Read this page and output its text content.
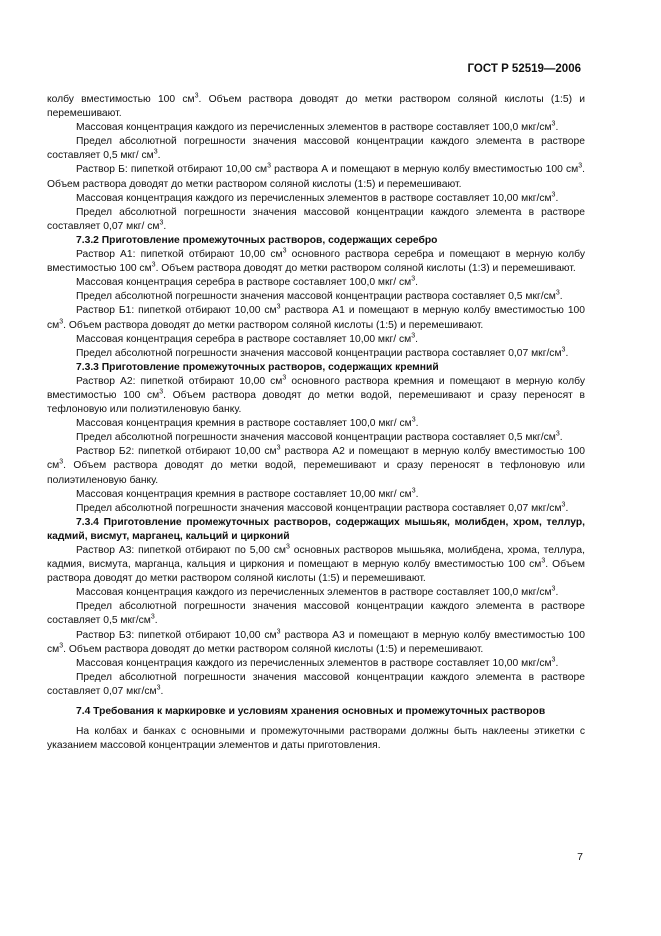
ГОСТ Р 52519—2006

колбу вместимостью 100 $см^3$. Объем раствора доводят до метки раствором соляной кислоты (1:5) и перемешивают.

Массовая концентрация каждого из перечисленных элементов в растворе составляет 100,0 мкг/$см^3$.

Предел абсолютной погрешности значения массовой концентрации каждого элемента в растворе составляет 0,5 мкг/ $см^3$.

Раствор Б: пипеткой отбирают 10,00 $см^3$ раствора А и помещают в мерную колбу вместимостью 100 $см^3$. Объем раствора доводят до метки раствором соляной кислоты (1:5) и перемешивают.

Массовая концентрация каждого из перечисленных элементов в растворе составляет 10,00 мкг/$см^3$.

Предел абсолютной погрешности значения массовой концентрации каждого элемента в растворе составляет 0,07 мкг/ $см^3$.

7.3.2 Приготовление промежуточных растворов, содержащих серебро

Раствор А1: пипеткой отбирают 10,00 $см^3$ основного раствора серебра и помещают в мерную колбу вместимостью 100 $см^3$. Объем раствора доводят до метки раствором соляной кислоты (1:3) и перемешивают.

Массовая концентрация серебра в растворе составляет 100,0 мкг/ $см^3$.

Предел абсолютной погрешности значения массовой концентрации раствора составляет 0,5 мкг/$см^3$.

Раствор Б1: пипеткой отбирают 10,00 $см^3$ раствора А1 и помещают в мерную колбу вместимостью 100 $см^3$. Объем раствора доводят до метки раствором соляной кислоты (1:5) и перемешивают.

Массовая концентрация серебра в растворе составляет 10,00 мкг/ $см^3$.

Предел абсолютной погрешности значения массовой концентрации раствора составляет 0,07 мкг/$см^3$.

7.3.3 Приготовление промежуточных растворов, содержащих кремний

Раствор А2: пипеткой отбирают 10,00 $см^3$ основного раствора кремния и помещают в мерную колбу вместимостью 100 $см^3$. Объем раствора доводят до метки водой, перемешивают и сразу переносят в тефлоновую или полиэтиленовую банку.

Массовая концентрация кремния в растворе составляет 100,0 мкг/ $см^3$.

Предел абсолютной погрешности значения массовой концентрации раствора составляет 0,5 мкг/$см^3$.

Раствор Б2: пипеткой отбирают 10,00 $см^3$ раствора А2 и помещают в мерную колбу вместимостью 100 $см^3$. Объем раствора доводят до метки водой, перемешивают и сразу переносят в тефлоновую или полиэтиленовую банку.

Массовая концентрация кремния в растворе составляет 10,00 мкг/ $см^3$.

Предел абсолютной погрешности значения массовой концентрации раствора составляет 0,07 мкг/$см^3$.

7.3.4 Приготовление промежуточных растворов, содержащих мышьяк, молибден, хром, теллур, кадмий, висмут, марганец, кальций и цирконий

Раствор А3: пипеткой отбирают по 5,00 $см^3$ основных растворов мышьяка, молибдена, хрома, теллура, кадмия, висмута, марганца, кальция и циркония и помещают в мерную колбу вместимостью 100 $см^3$. Объем раствора доводят до метки раствором соляной кислоты (1:5) и перемешивают.

Массовая концентрация каждого из перечисленных элементов в растворе составляет 100,0 мкг/$см^3$.

Предел абсолютной погрешности значения массовой концентрации каждого элемента в растворе составляет 0,5 мкг/$см^3$.

Раствор Б3: пипеткой отбирают 10,00 $см^3$ раствора А3 и помещают в мерную колбу вместимостью 100 $см^3$. Объем раствора доводят до метки раствором соляной кислоты (1:5) и перемешивают.

Массовая концентрация каждого из перечисленных элементов в растворе составляет 10,00 мкг/$см^3$.

Предел абсолютной погрешности значения массовой концентрации каждого элемента в растворе составляет 0,07 мкг/$см^3$.

7.4 Требования к маркировке и условиям хранения основных и промежуточных растворов

На колбах и банках с основными и промежуточными растворами должны быть наклеены этикетки с указанием массовой концентрации элементов и даты приготовления.

7
